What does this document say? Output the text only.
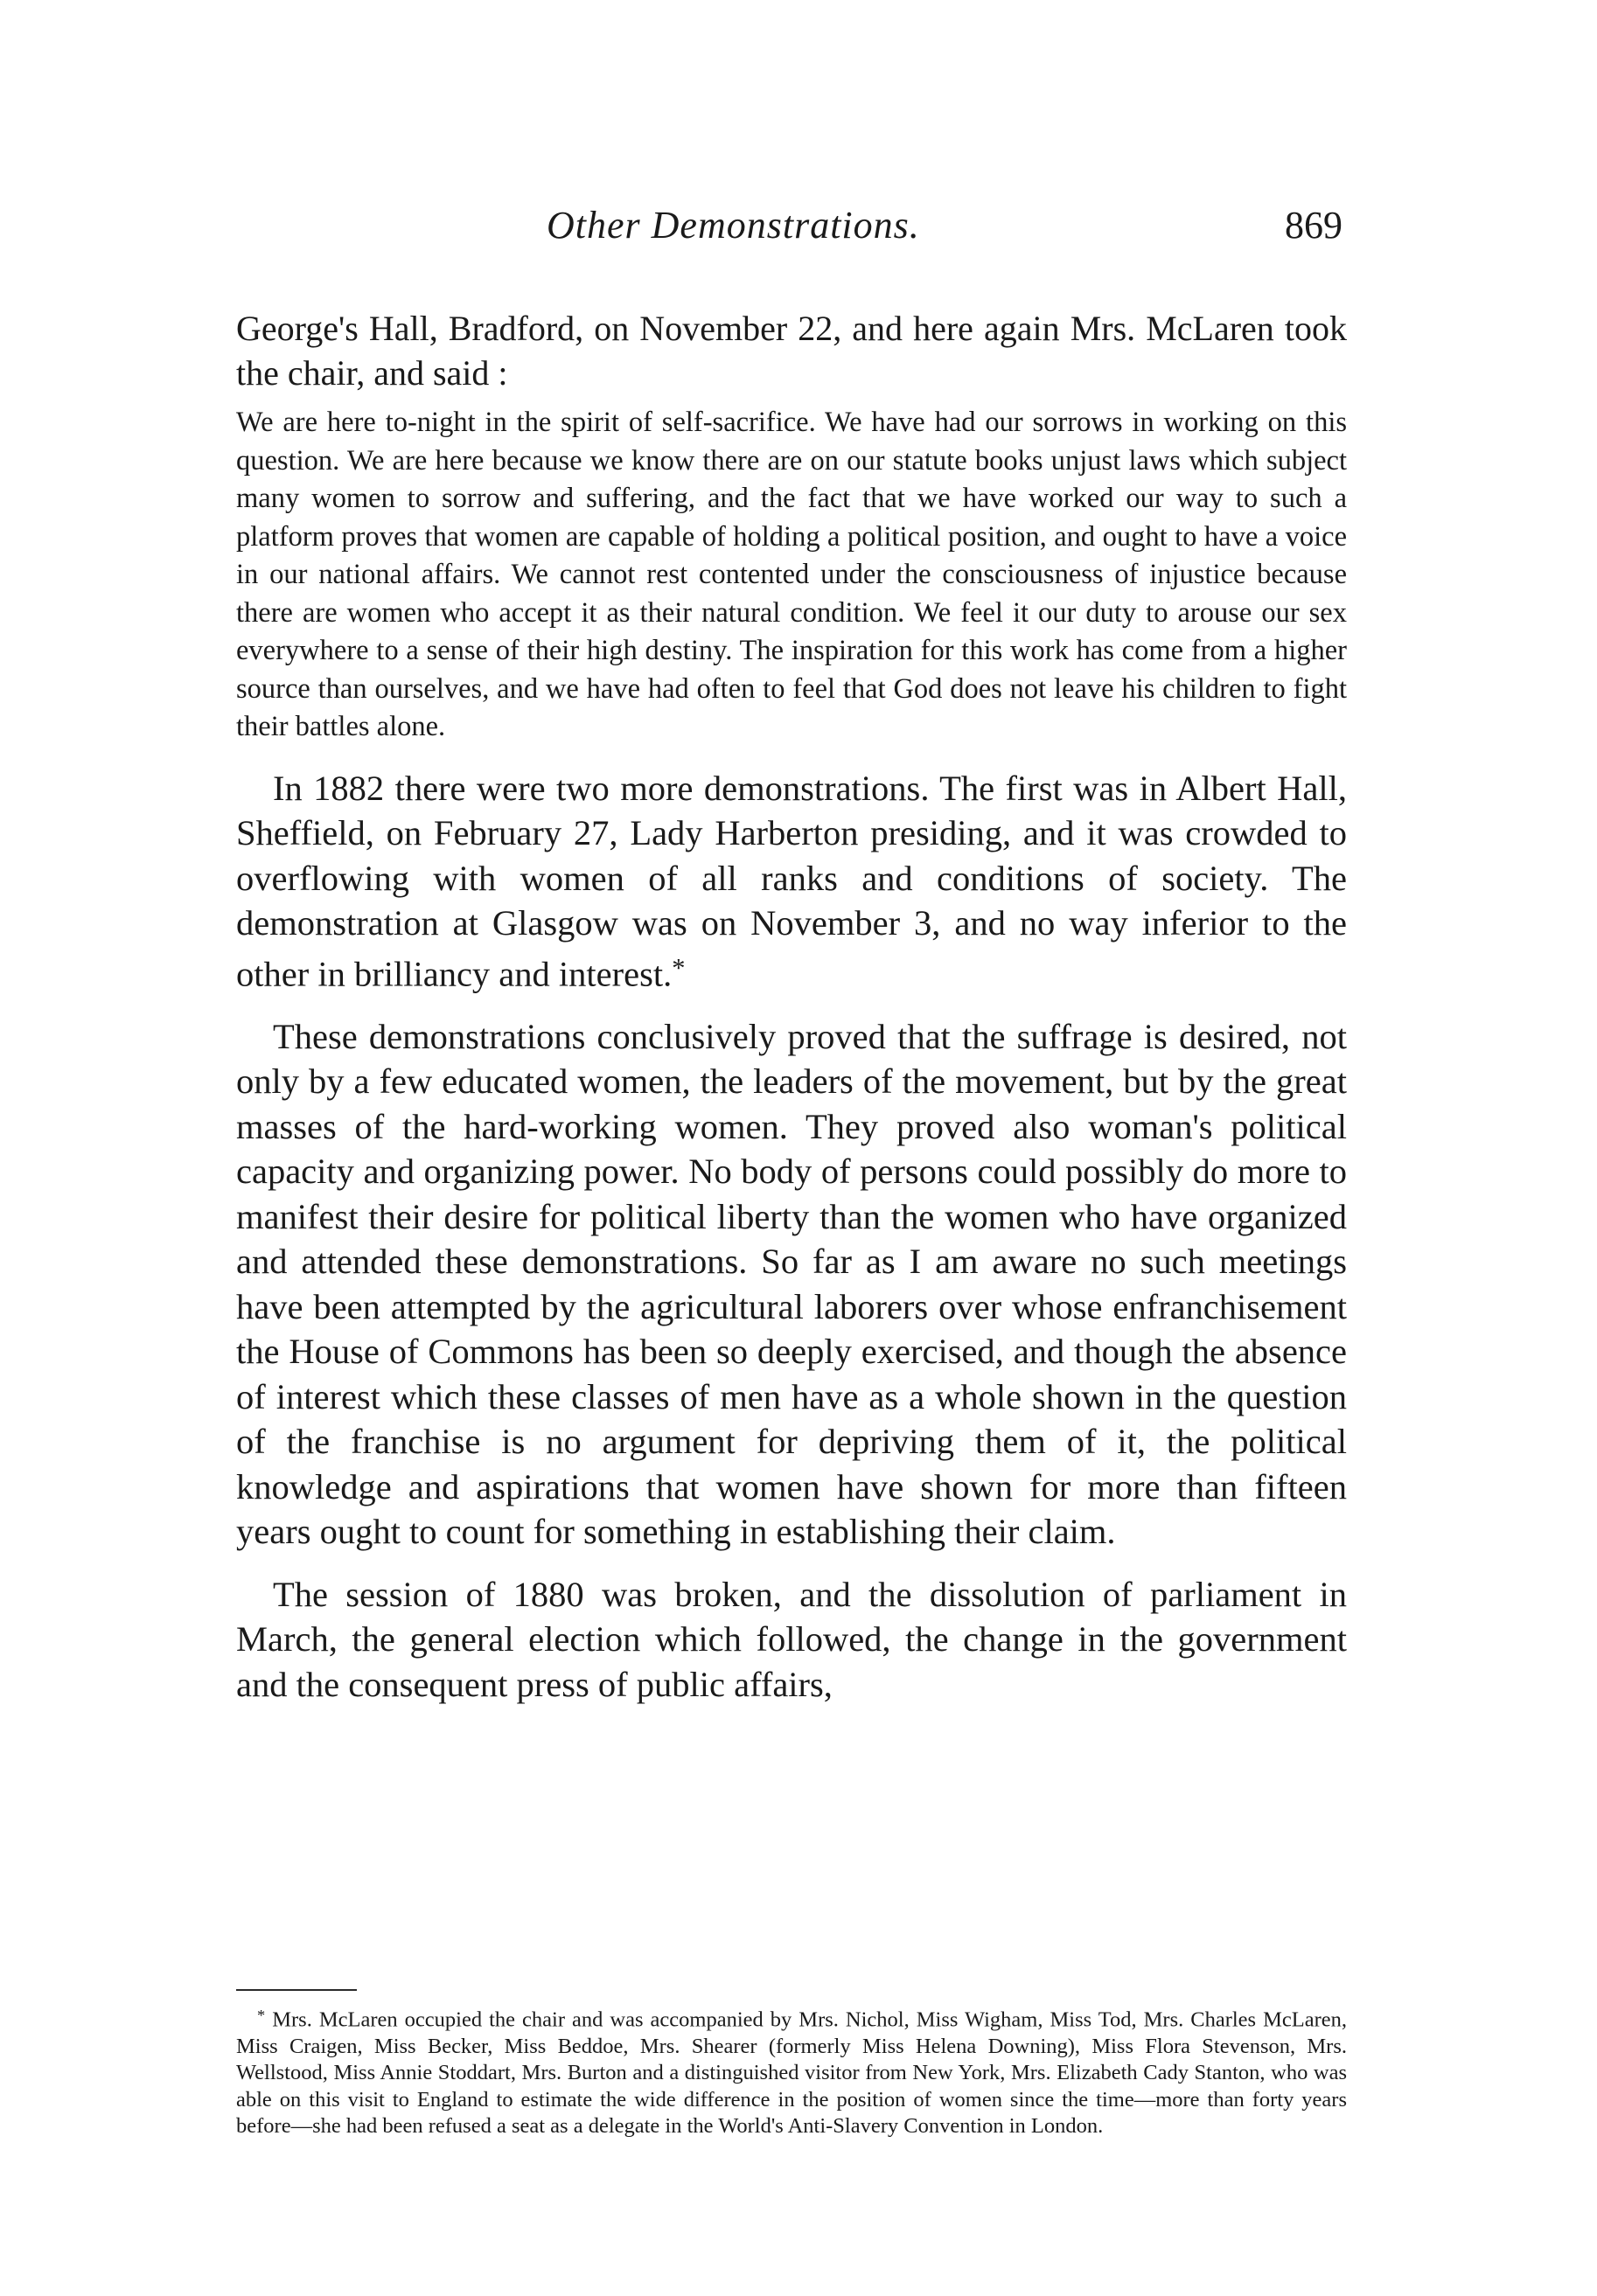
Other Demonstrations.	869

George's Hall, Bradford, on November 22, and here again Mrs. McLaren took the chair, and said :

We are here to-night in the spirit of self-sacrifice. We have had our sorrows in working on this question. We are here because we know there are on our statute books unjust laws which subject many women to sorrow and suffering, and the fact that we have worked our way to such a platform proves that women are capable of holding a political position, and ought to have a voice in our national affairs. We cannot rest contented under the consciousness of injustice because there are women who accept it as their natural condition. We feel it our duty to arouse our sex everywhere to a sense of their high destiny. The inspiration for this work has come from a higher source than ourselves, and we have had often to feel that God does not leave his children to fight their battles alone.

In 1882 there were two more demonstrations. The first was in Albert Hall, Sheffield, on February 27, Lady Harberton presiding, and it was crowded to overflowing with women of all ranks and conditions of society. The demonstration at Glasgow was on November 3, and no way inferior to the other in brilliancy and interest.*

These demonstrations conclusively proved that the suffrage is desired, not only by a few educated women, the leaders of the movement, but by the great masses of the hard-working women. They proved also woman's political capacity and organizing power. No body of persons could possibly do more to manifest their desire for political liberty than the women who have organized and attended these demonstrations. So far as I am aware no such meetings have been attempted by the agricultural laborers over whose enfranchisement the House of Commons has been so deeply exercised, and though the absence of interest which these classes of men have as a whole shown in the question of the franchise is no argument for depriving them of it, the political knowledge and aspirations that women have shown for more than fifteen years ought to count for something in establishing their claim.

The session of 1880 was broken, and the dissolution of parliament in March, the general election which followed, the change in the government and the consequent press of public affairs,

* Mrs. McLaren occupied the chair and was accompanied by Mrs. Nichol, Miss Wigham, Miss Tod, Mrs. Charles McLaren, Miss Craigen, Miss Becker, Miss Beddoe, Mrs. Shearer (formerly Miss Helena Downing), Miss Flora Stevenson, Mrs. Wellstood, Miss Annie Stoddart, Mrs. Burton and a distinguished visitor from New York, Mrs. Elizabeth Cady Stanton, who was able on this visit to England to estimate the wide difference in the position of women since the time—more than forty years before—she had been refused a seat as a delegate in the World's Anti-Slavery Convention in London.
